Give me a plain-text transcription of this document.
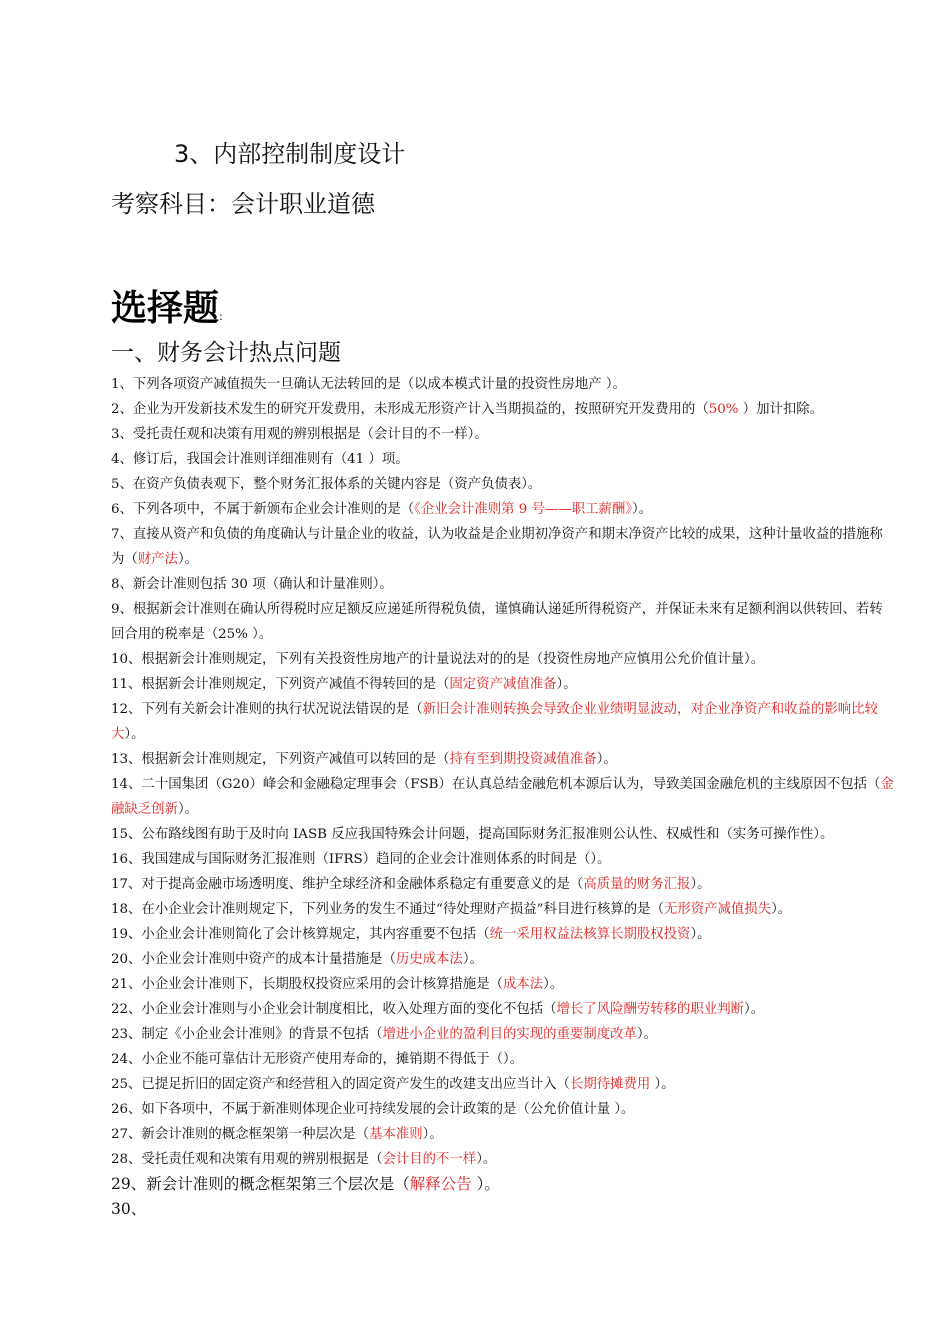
3、内部控制制度设计
考察科目：会计职业道德
选择题:
一、财务会计热点问题
1、下列各项资产减值损失一旦确认无法转回的是（以成本模式计量的投资性房地产 ）。
2、企业为开发新技术发生的研究开发费用，未形成无形资产计入当期损益的，按照研究开发费用的（50% ）加计扣除。
3、受托责任观和决策有用观的辨别根据是（会计目的不一样）。
4、修订后，我国会计准则详细准则有（41 ）项。
5、在资产负债表观下，整个财务汇报体系的关键内容是（资产负债表）。
6、下列各项中，不属于新颁布企业会计准则的是（《企业会计准则第 9 号——职工薪酬》）。
7、直接从资产和负债的角度确认与计量企业的收益，认为收益是企业期初净资产和期末净资产比较的成果，这种计量收益的措施称为（财产法）。
8、新会计准则包括 30 项（确认和计量准则）。
9、根据新会计准则在确认所得税时应足额反应递延所得税负债，谨慎确认递延所得税资产，并保证未来有足额利润以供转回、若转回合用的税率是（25% ）。
10、根据新会计准则规定，下列有关投资性房地产的计量说法对的的是（投资性房地产应慎用公允价值计量）。
11、根据新会计准则规定，下列资产减值不得转回的是（固定资产减值准备）。
12、下列有关新会计准则的执行状况说法错误的是（新旧会计准则转换会导致企业业绩明显波动，对企业净资产和收益的影响比较大）。
13、根据新会计准则规定，下列资产减值可以转回的是（持有至到期投资减值准备）。
14、二十国集团（G20）峰会和金融稳定理事会（FSB）在认真总结金融危机本源后认为，导致美国金融危机的主线原因不包括（金融缺乏创新）。
15、公布路线图有助于及时向 IASB 反应我国特殊会计问题，提高国际财务汇报准则公认性、权威性和（实务可操作性）。
16、我国建成与国际财务汇报准则（IFRS）趋同的企业会计准则体系的时间是（）。
17、对于提高金融市场透明度、维护全球经济和金融体系稳定有重要意义的是（高质量的财务汇报）。
18、在小企业会计准则规定下，下列业务的发生不通过“待处理财产损益”科目进行核算的是（无形资产减值损失）。
19、小企业会计准则简化了会计核算规定，其内容重要不包括（统一采用权益法核算长期股权投资）。
20、小企业会计准则中资产的成本计量措施是（历史成本法）。
21、小企业会计准则下，长期股权投资应采用的会计核算措施是（成本法）。
22、小企业会计准则与小企业会计制度相比，收入处理方面的变化不包括（增长了风险酬劳转移的职业判断）。
23、制定《小企业会计准则》的背景不包括（增进小企业的盈利目的实现的重要制度改革）。
24、小企业不能可靠估计无形资产使用寿命的，摊销期不得低于（）。
25、已提足折旧的固定资产和经营租入的固定资产发生的改建支出应当计入（长期待摊费用 ）。
26、如下各项中，不属于新准则体现企业可持续发展的会计政策的是（公允价值计量 ）。
27、新会计准则的概念框架第一种层次是（基本准则）。
28、受托责任观和决策有用观的辨别根据是（会计目的不一样）。
29、新会计准则的概念框架第三个层次是（解释公告 ）。
30、
